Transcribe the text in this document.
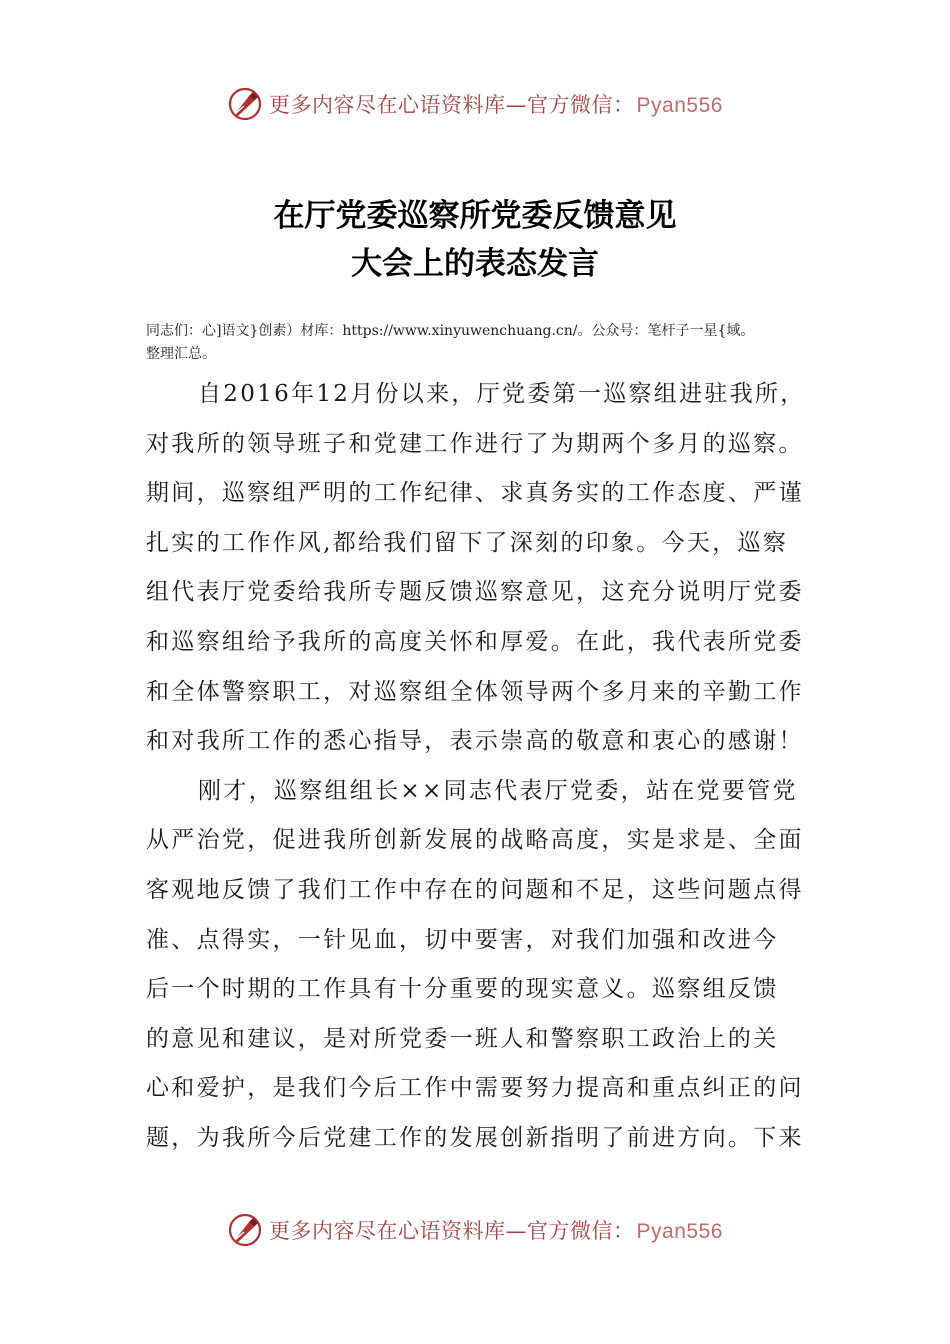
更多内容尽在心语资料库—官方微信：Pyan556
在厅党委巡察所党委反馈意见
大会上的表态发言
同志们：心]语文}创素）材库：https://www.xinyuwenchuang.cn/。公众号：笔杆子一星{域。
整理汇总。
自2016年12月份以来，厅党委第一巡察组进驻我所，
对我所的领导班子和党建工作进行了为期两个多月的巡察。
期间，巡察组严明的工作纪律、求真务实的工作态度、严谨
扎实的工作作风,都给我们留下了深刻的印象。今天，巡察
组代表厅党委给我所专题反馈巡察意见，这充分说明厅党委
和巡察组给予我所的高度关怀和厚爱。在此，我代表所党委
和全体警察职工，对巡察组全体领导两个多月来的辛勤工作
和对我所工作的悉心指导，表示崇高的敬意和衷心的感谢！
刚才，巡察组组长××同志代表厅党委，站在党要管党
从严治党，促进我所创新发展的战略高度，实是求是、全面
客观地反馈了我们工作中存在的问题和不足，这些问题点得
准、点得实，一针见血，切中要害，对我们加强和改进今
后一个时期的工作具有十分重要的现实意义。巡察组反馈
的意见和建议，是对所党委一班人和警察职工政治上的关
心和爱护，是我们今后工作中需要努力提高和重点纠正的问
题，为我所今后党建工作的发展创新指明了前进方向。下来
更多内容尽在心语资料库—官方微信：Pyan556
